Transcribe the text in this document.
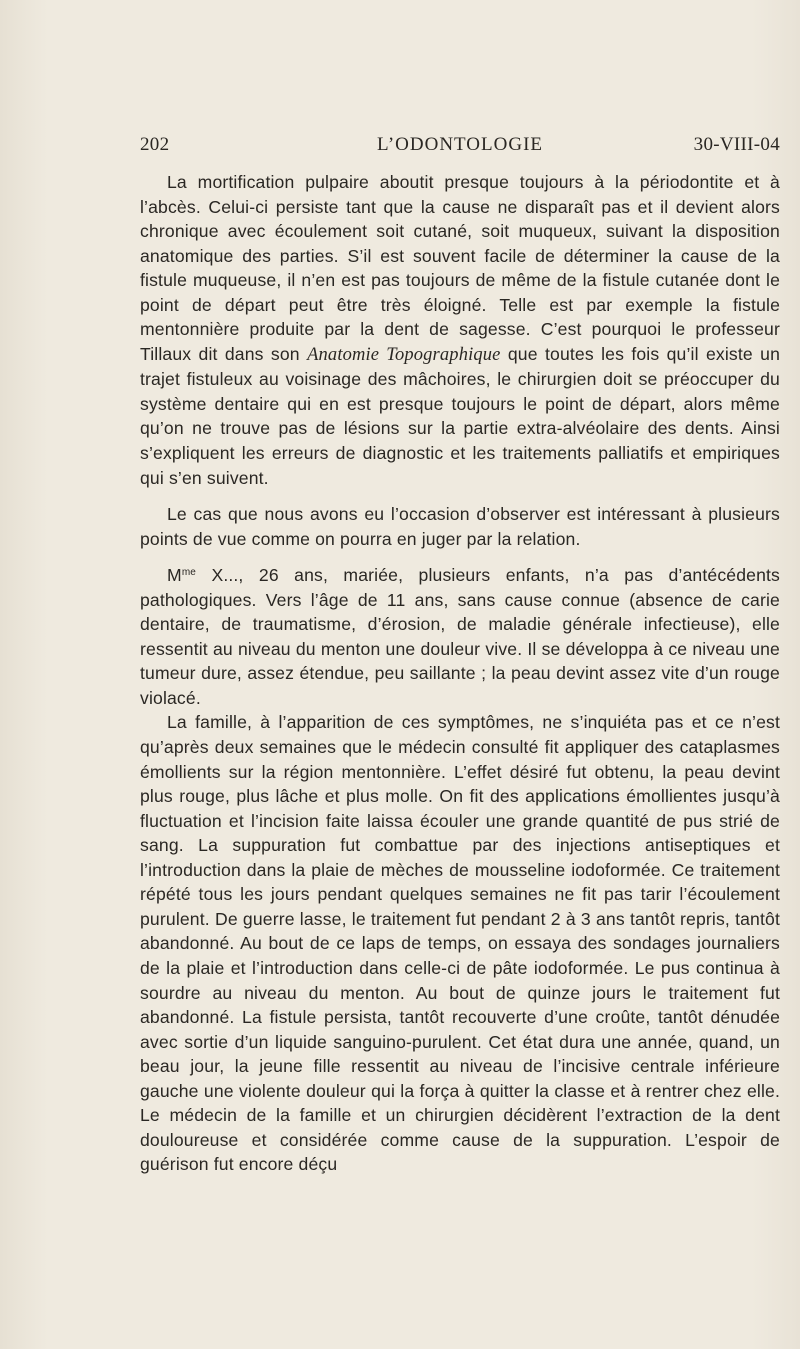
202	L’ODONTOLOGIE	30-VIII-04

La mortification pulpaire aboutit presque toujours à la périodontite et à l’abcès. Celui-ci persiste tant que la cause ne disparaît pas et il devient alors chronique avec écoulement soit cutané, soit muqueux, suivant la disposition anatomique des parties. S’il est souvent facile de déterminer la cause de la fistule muqueuse, il n’en est pas toujours de même de la fistule cutanée dont le point de départ peut être très éloigné. Telle est par exemple la fistule mentonnière produite par la dent de sagesse. C’est pourquoi le professeur Tillaux dit dans son Anatomie Topographique que toutes les fois qu’il existe un trajet fistuleux au voisinage des mâchoires, le chirurgien doit se préoccuper du système dentaire qui en est presque toujours le point de départ, alors même qu’on ne trouve pas de lésions sur la partie extra-alvéolaire des dents. Ainsi s’expliquent les erreurs de diagnostic et les traitements palliatifs et empiriques qui s’en suivent.

Le cas que nous avons eu l’occasion d’observer est intéressant à plusieurs points de vue comme on pourra en juger par la relation.

$M^{me}$ X..., 26 ans, mariée, plusieurs enfants, n’a pas d’antécédents pathologiques. Vers l’âge de 11 ans, sans cause connue (absence de carie dentaire, de traumatisme, d’érosion, de maladie générale infectieuse), elle ressentit au niveau du menton une douleur vive. Il se développa à ce niveau une tumeur dure, assez étendue, peu saillante ; la peau devint assez vite d’un rouge violacé.

La famille, à l’apparition de ces symptômes, ne s’inquiéta pas et ce n’est qu’après deux semaines que le médecin consulté fit appliquer des cataplasmes émollients sur la région mentonnière. L’effet désiré fut obtenu, la peau devint plus rouge, plus lâche et plus molle. On fit des applications émollientes jusqu’à fluctuation et l’incision faite laissa écouler une grande quantité de pus strié de sang. La suppuration fut combattue par des injections antiseptiques et l’introduction dans la plaie de mèches de mousseline iodoformée. Ce traitement répété tous les jours pendant quelques semaines ne fit pas tarir l’écoulement purulent. De guerre lasse, le traitement fut pendant 2 à 3 ans tantôt repris, tantôt abandonné. Au bout de ce laps de temps, on essaya des sondages journaliers de la plaie et l’introduction dans celle-ci de pâte iodoformée. Le pus continua à sourdre au niveau du menton. Au bout de quinze jours le traitement fut abandonné. La fistule persista, tantôt recouverte d’une croûte, tantôt dénudée avec sortie d’un liquide sanguino-purulent. Cet état dura une année, quand, un beau jour, la jeune fille ressentit au niveau de l’incisive centrale inférieure gauche une violente douleur qui la força à quitter la classe et à rentrer chez elle. Le médecin de la famille et un chirurgien décidèrent l’extraction de la dent douloureuse et considérée comme cause de la suppuration. L’espoir de guérison fut encore déçu
